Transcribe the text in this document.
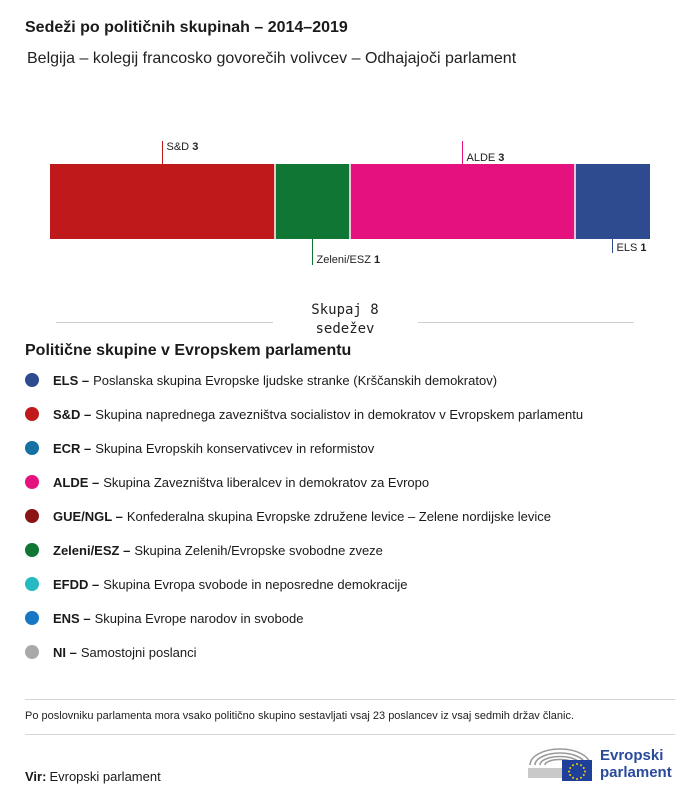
Sedeži po političnih skupinah – 2014–2019
Belgija – kolegij francosko govorečih volivcev – Odhajajoči parlament
S&D 3
Zeleni/ESZ 1
ALDE 3
ELS 1
Skupaj 8
sedežev
Politične skupine v Evropskem parlamentu
ELS – Poslanska skupina Evropske ljudske stranke (Krščanskih demokratov)
S&D – Skupina naprednega zavezništva socialistov in demokratov v Evropskem parlamentu
ECR – Skupina Evropskih konservativcev in reformistov
ALDE – Skupina Zavezništva liberalcev in demokratov za Evropo
GUE/NGL – Konfederalna skupina Evropske združene levice – Zelene nordijske levice
Zeleni/ESZ – Skupina Zelenih/Evropske svobodne zveze
EFDD – Skupina Evropa svobode in neposredne demokracije
ENS – Skupina Evrope narodov in svobode
NI – Samostojni poslanci
Po poslovniku parlamenta mora vsako politično skupino sestavljati vsaj 23 poslancev iz vsaj sedmih držav članic.
Vir: Evropski parlament
Evropski
parlament
